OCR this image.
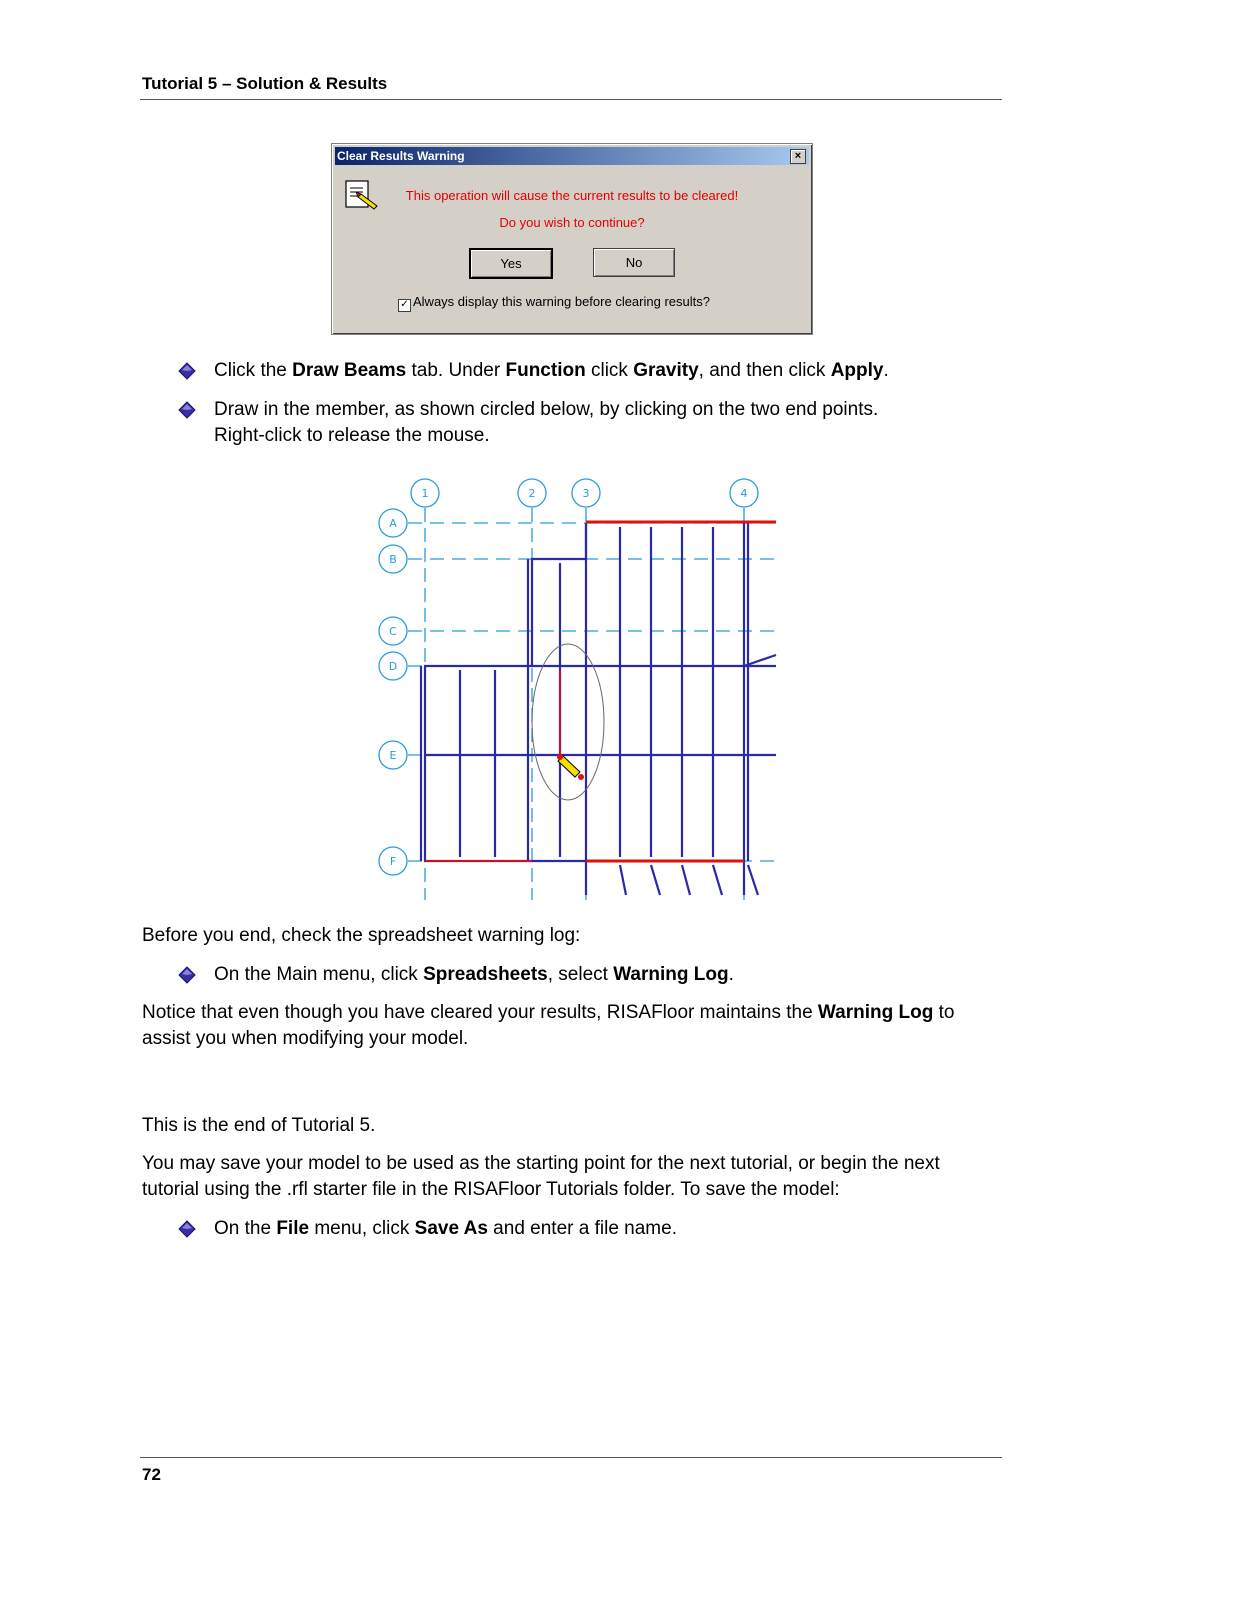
Tutorial 5 – Solution & Results
Clear Results Warning	×
This operation will cause the current results to be cleared!
Do you wish to continue?
Yes	No
✓ Always display this warning before clearing results?
Click the Draw Beams tab. Under Function click Gravity, and then click Apply.
Draw in the member, as shown circled below, by clicking on the two end points.
Right-click to release the mouse.
1	2	3	4
A
B
C
D
E
F
Before you end, check the spreadsheet warning log:
On the Main menu, click Spreadsheets, select Warning Log.
Notice that even though you have cleared your results, RISAFloor maintains the Warning Log to
assist you when modifying your model.
This is the end of Tutorial 5.
You may save your model to be used as the starting point for the next tutorial, or begin the next
tutorial using the .rfl starter file in the RISAFloor Tutorials folder. To save the model:
On the File menu, click Save As and enter a file name.
72
